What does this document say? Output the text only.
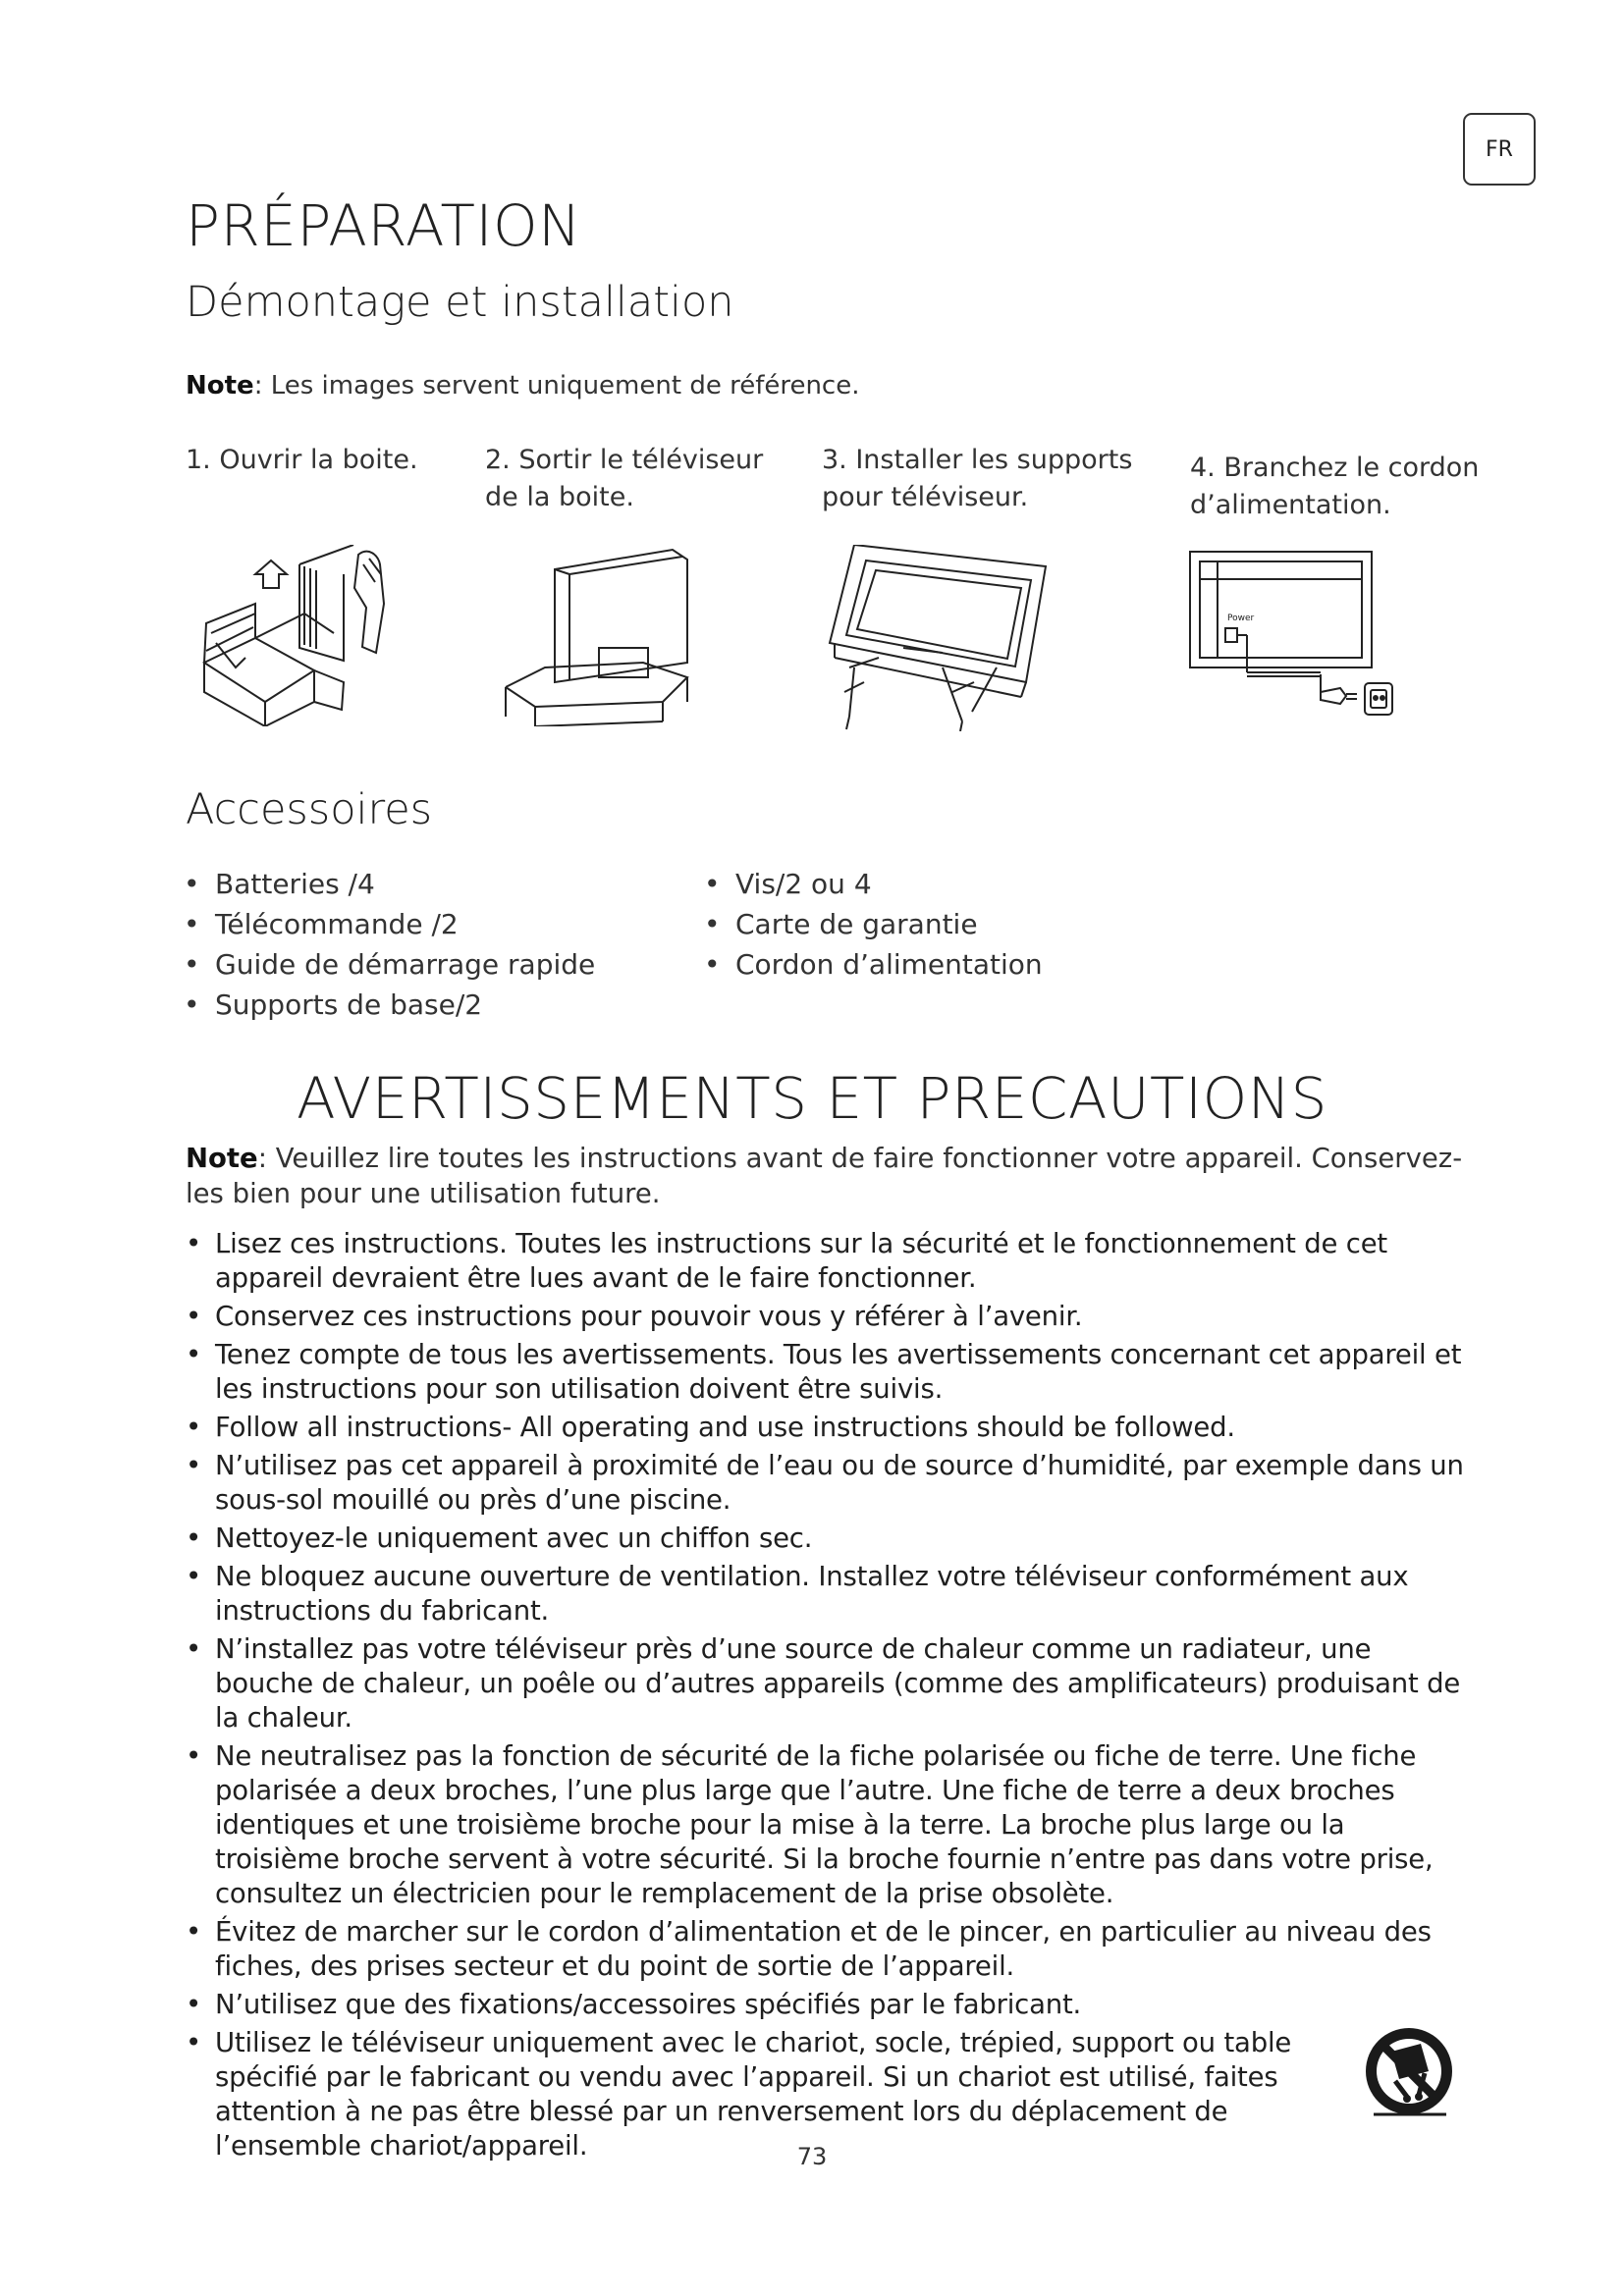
FR
PRÉPARATION
Démontage et installation
Note: Les images servent uniquement de référence.
1. Ouvrir la boite.	2. Sortir le téléviseur
de la boite.
3. Installer les supports
pour téléviseur.
4. Branchez le cordon
d’alimentation.
Power
Accessoires
• Batteries /4
• Télécommande /2
• Guide de démarrage rapide
• Supports de base/2
• Vis/2 ou 4
• Carte de garantie
• Cordon d’alimentation
AVERTISSEMENTS ET PRECAUTIONS
Note: Veuillez lire toutes les instructions avant de faire fonctionner votre appareil. Conservez-les bien pour une utilisation future.
• Lisez ces instructions. Toutes les instructions sur la sécurité et le fonctionnement de cet appareil devraient être lues avant de le faire fonctionner.
• Conservez ces instructions pour pouvoir vous y référer à l’avenir.
• Tenez compte de tous les avertissements. Tous les avertissements concernant cet appareil et les instructions pour son utilisation doivent être suivis.
• Follow all instructions- All operating and use instructions should be followed.
• N’utilisez pas cet appareil à proximité de l’eau ou de source d’humidité, par exemple dans un sous-sol mouillé ou près d’une piscine.
• Nettoyez-le uniquement avec un chiffon sec.
• Ne bloquez aucune ouverture de ventilation. Installez votre téléviseur conformément aux instructions du fabricant.
• N’installez pas votre téléviseur près d’une source de chaleur comme un radiateur, une bouche de chaleur, un poêle ou d’autres appareils (comme des amplificateurs) produisant de la chaleur.
• Ne neutralisez pas la fonction de sécurité de la fiche polarisée ou fiche de terre. Une fiche polarisée a deux broches, l’une plus large que l’autre. Une fiche de terre a deux broches identiques et une troisième broche pour la mise à la terre. La broche plus large ou la troisième broche servent à votre sécurité. Si la broche fournie n’entre pas dans votre prise, consultez un électricien pour le remplacement de la prise obsolète.
• Évitez de marcher sur le cordon d’alimentation et de le pincer, en particulier au niveau des fiches, des prises secteur et du point de sortie de l’appareil.
• N’utilisez que des fixations/accessoires spécifiés par le fabricant.
• Utilisez le téléviseur uniquement avec le chariot, socle, trépied, support ou table spécifié par le fabricant ou vendu avec l’appareil. Si un chariot est utilisé, faites attention à ne pas être blessé par un renversement lors du déplacement de l’ensemble chariot/appareil.	73
